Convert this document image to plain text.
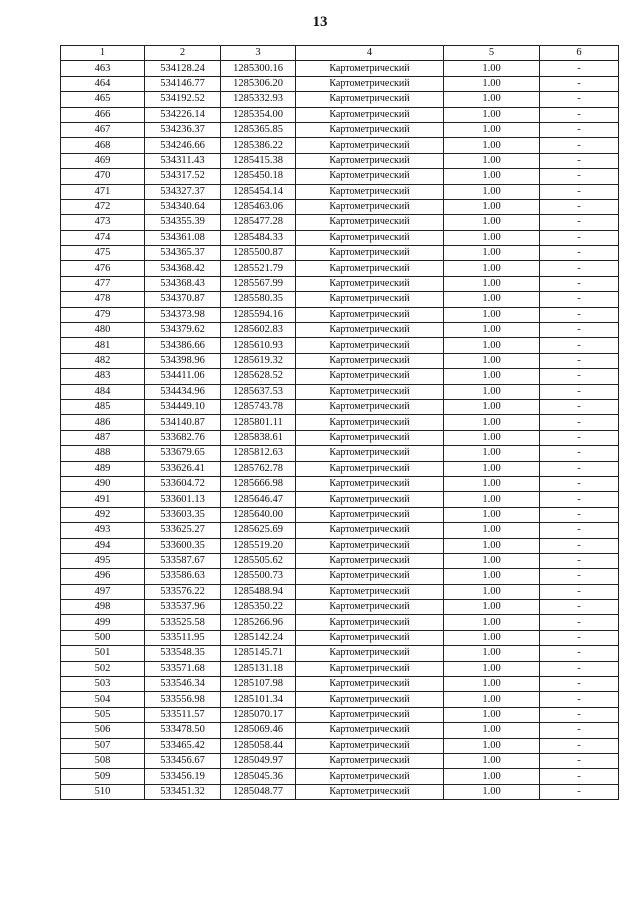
13
1	2	3	4	5	6
463	534128.24	1285300.16	Картометрический	1.00	-
464	534146.77	1285306.20	Картометрический	1.00	-
465	534192.52	1285332.93	Картометрический	1.00	-
466	534226.14	1285354.00	Картометрический	1.00	-
467	534236.37	1285365.85	Картометрический	1.00	-
468	534246.66	1285386.22	Картометрический	1.00	-
469	534311.43	1285415.38	Картометрический	1.00	-
470	534317.52	1285450.18	Картометрический	1.00	-
471	534327.37	1285454.14	Картометрический	1.00	-
472	534340.64	1285463.06	Картометрический	1.00	-
473	534355.39	1285477.28	Картометрический	1.00	-
474	534361.08	1285484.33	Картометрический	1.00	-
475	534365.37	1285500.87	Картометрический	1.00	-
476	534368.42	1285521.79	Картометрический	1.00	-
477	534368.43	1285567.99	Картометрический	1.00	-
478	534370.87	1285580.35	Картометрический	1.00	-
479	534373.98	1285594.16	Картометрический	1.00	-
480	534379.62	1285602.83	Картометрический	1.00	-
481	534386.66	1285610.93	Картометрический	1.00	-
482	534398.96	1285619.32	Картометрический	1.00	-
483	534411.06	1285628.52	Картометрический	1.00	-
484	534434.96	1285637.53	Картометрический	1.00	-
485	534449.10	1285743.78	Картометрический	1.00	-
486	534140.87	1285801.11	Картометрический	1.00	-
487	533682.76	1285838.61	Картометрический	1.00	-
488	533679.65	1285812.63	Картометрический	1.00	-
489	533626.41	1285762.78	Картометрический	1.00	-
490	533604.72	1285666.98	Картометрический	1.00	-
491	533601.13	1285646.47	Картометрический	1.00	-
492	533603.35	1285640.00	Картометрический	1.00	-
493	533625.27	1285625.69	Картометрический	1.00	-
494	533600.35	1285519.20	Картометрический	1.00	-
495	533587.67	1285505.62	Картометрический	1.00	-
496	533586.63	1285500.73	Картометрический	1.00	-
497	533576.22	1285488.94	Картометрический	1.00	-
498	533537.96	1285350.22	Картометрический	1.00	-
499	533525.58	1285266.96	Картометрический	1.00	-
500	533511.95	1285142.24	Картометрический	1.00	-
501	533548.35	1285145.71	Картометрический	1.00	-
502	533571.68	1285131.18	Картометрический	1.00	-
503	533546.34	1285107.98	Картометрический	1.00	-
504	533556.98	1285101.34	Картометрический	1.00	-
505	533511.57	1285070.17	Картометрический	1.00	-
506	533478.50	1285069.46	Картометрический	1.00	-
507	533465.42	1285058.44	Картометрический	1.00	-
508	533456.67	1285049.97	Картометрический	1.00	-
509	533456.19	1285045.36	Картометрический	1.00	-
510	533451.32	1285048.77	Картометрический	1.00	-
